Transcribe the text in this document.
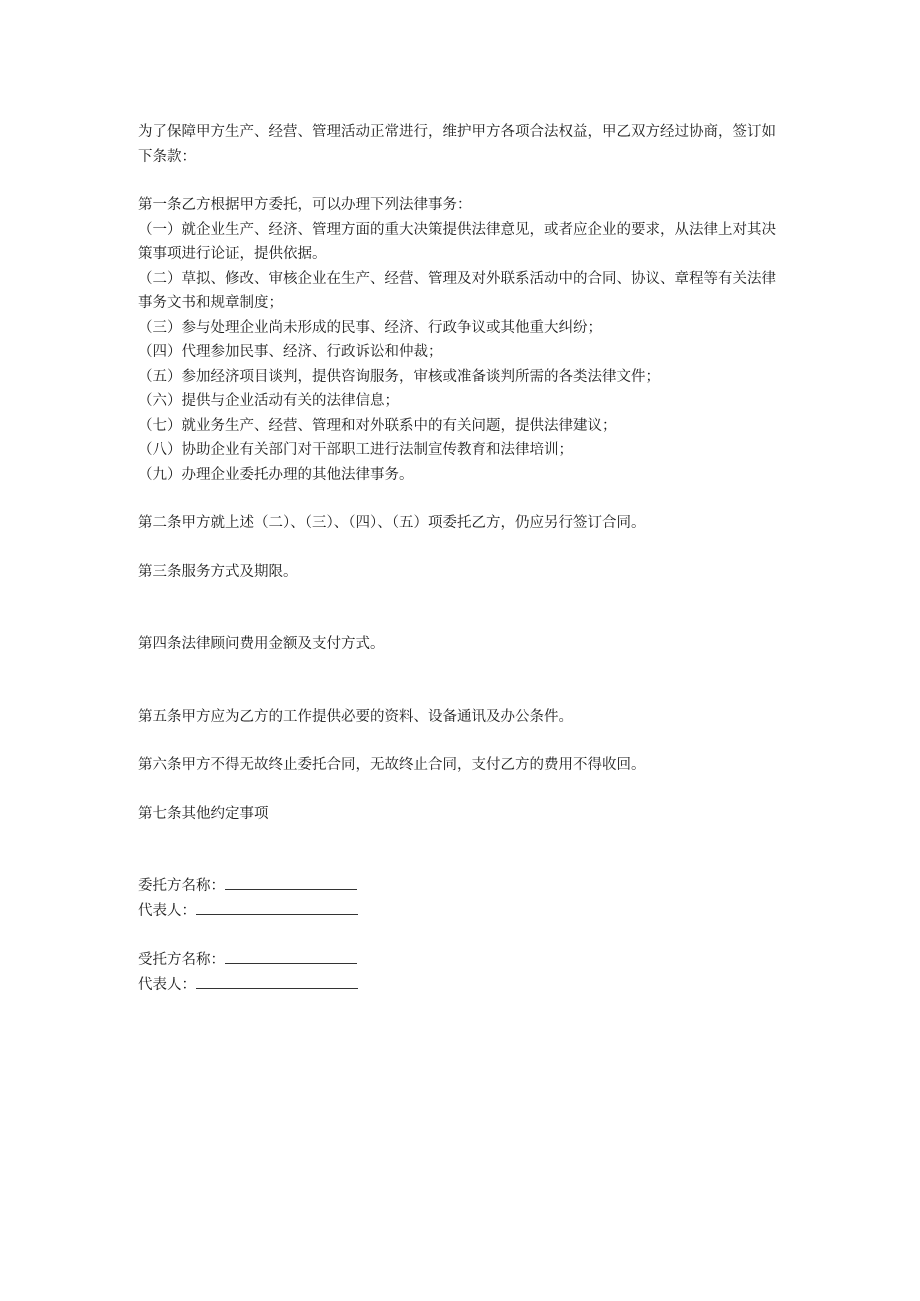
为了保障甲方生产、经营、管理活动正常进行，维护甲方各项合法权益，甲乙双方经过协商，签订如下条款：

第一条乙方根据甲方委托，可以办理下列法律事务：

（一）就企业生产、经济、管理方面的重大决策提供法律意见，或者应企业的要求，从法律上对其决策事项进行论证，提供依据。

（二）草拟、修改、审核企业在生产、经营、管理及对外联系活动中的合同、协议、章程等有关法律事务文书和规章制度；

（三）参与处理企业尚未形成的民事、经济、行政争议或其他重大纠纷；

（四）代理参加民事、经济、行政诉讼和仲裁；

（五）参加经济项目谈判，提供咨询服务，审核或准备谈判所需的各类法律文件；

（六）提供与企业活动有关的法律信息；

（七）就业务生产、经营、管理和对外联系中的有关问题，提供法律建议；

（八）协助企业有关部门对干部职工进行法制宣传教育和法律培训；

（九）办理企业委托办理的其他法律事务。

第二条甲方就上述（二）、（三）、（四）、（五）项委托乙方，仍应另行签订合同。

第三条服务方式及期限。

第四条法律顾问费用金额及支付方式。

第五条甲方应为乙方的工作提供必要的资料、设备通讯及办公条件。

第六条甲方不得无故终止委托合同，无故终止合同，支付乙方的费用不得收回。

第七条其他约定事项

委托方名称：
代表人：
受托方名称：
代表人：
